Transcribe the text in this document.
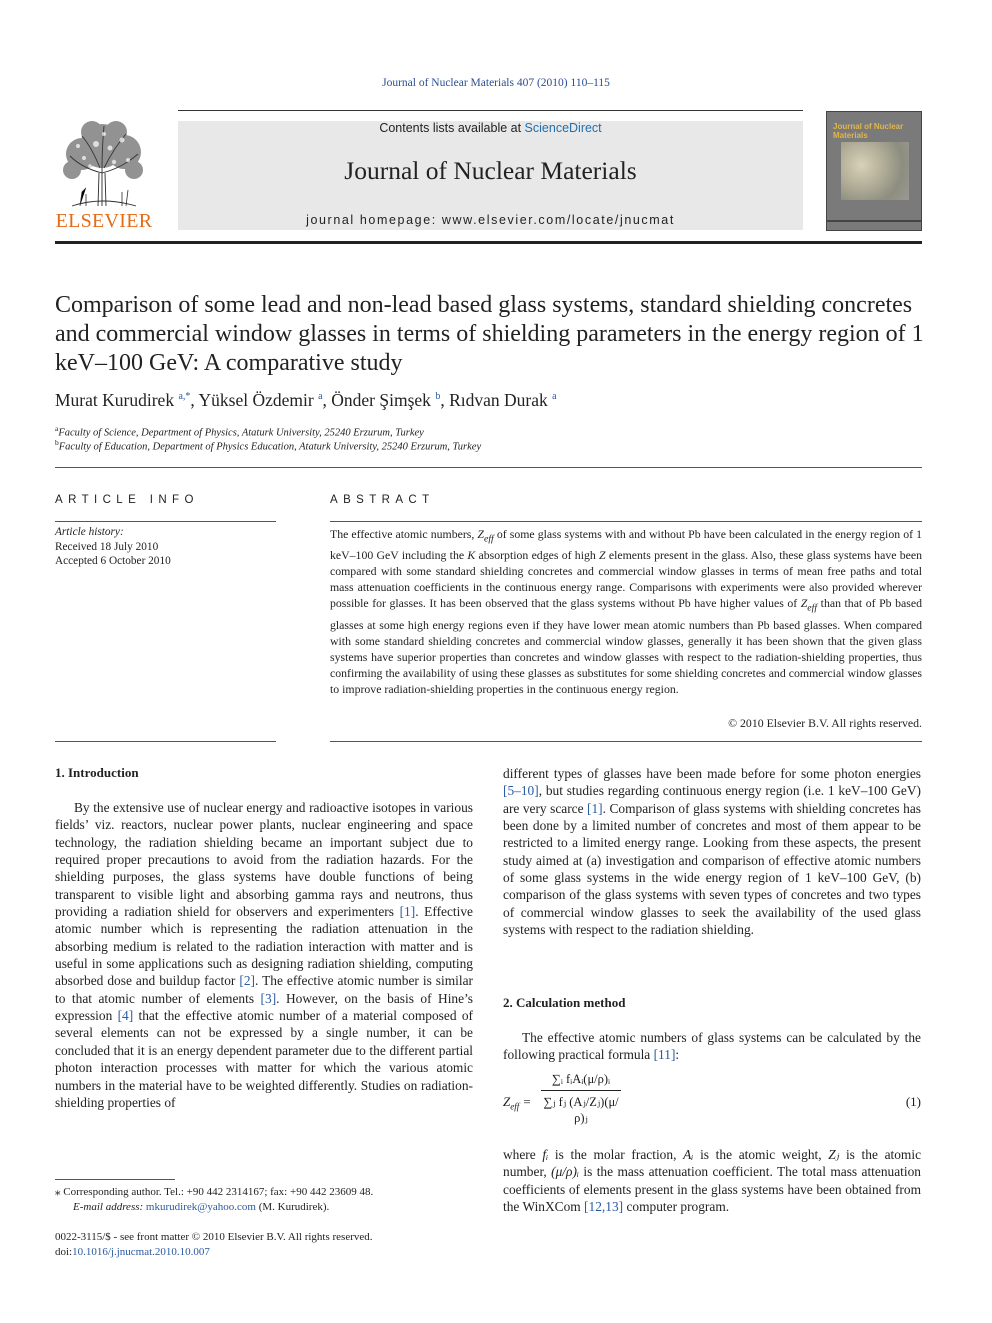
Journal of Nuclear Materials 407 (2010) 110–115
ELSEVIER
Contents lists available at ScienceDirect
Journal of Nuclear Materials
journal homepage: www.elsevier.com/locate/jnucmat
Journal of Nuclear Materials
Comparison of some lead and non-lead based glass systems, standard shielding concretes and commercial window glasses in terms of shielding parameters in the energy region of 1 keV–100 GeV: A comparative study
Murat Kurudirek $^{a,*}$, Yüksel Özdemir $^a$, Önder Şimşek $^b$, Rıdvan Durak $^a$
$^a$Faculty of Science, Department of Physics, Ataturk University, 25240 Erzurum, Turkey
$^b$Faculty of Education, Department of Physics Education, Ataturk University, 25240 Erzurum, Turkey
ARTICLE INFO	ABSTRACT
Article history:
Received 18 July 2010
Accepted 6 October 2010
The effective atomic numbers, $Z_{eff}$ of some glass systems with and without Pb have been calculated in the energy region of 1 keV–100 GeV including the K absorption edges of high Z elements present in the glass. Also, these glass systems have been compared with some standard shielding concretes and commercial window glasses in terms of mean free paths and total mass attenuation coefficients in the continuous energy range. Comparisons with experiments were also provided wherever possible for glasses. It has been observed that the glass systems without Pb have higher values of $Z_{eff}$ than that of Pb based glasses at some high energy regions even if they have lower mean atomic numbers than Pb based glasses. When compared with some standard shielding concretes and commercial window glasses, generally it has been shown that the given glass systems have superior properties than concretes and window glasses with respect to the radiation-shielding properties, thus confirming the availability of using these glasses as substitutes for some shielding concretes and commercial window glasses to improve radiation-shielding properties in the continuous energy region.
© 2010 Elsevier B.V. All rights reserved.
1. Introduction
By the extensive use of nuclear energy and radioactive isotopes in various fields’ viz. reactors, nuclear power plants, nuclear engineering and space technology, the radiation shielding became an important subject due to required proper precautions to avoid from the radiation hazards. For the shielding purposes, the glass systems have double functions of being transparent to visible light and absorbing gamma rays and neutrons, thus providing a radiation shield for observers and experimenters [1]. Effective atomic number which is representing the radiation attenuation in the absorbing medium is related to the radiation interaction with matter and is useful in some applications such as designing radiation shielding, computing absorbed dose and buildup factor [2]. The effective atomic number is similar to that atomic number of elements [3]. However, on the basis of Hine’s expression [4] that the effective atomic number of a material composed of several elements can not be expressed by a single number, it can be concluded that it is an energy dependent parameter due to the different partial photon interaction processes with matter for which the various atomic numbers in the material have to be weighted differently. Studies on radiation-shielding properties of
different types of glasses have been made before for some photon energies [5–10], but studies regarding continuous energy region (i.e. 1 keV–100 GeV) are very scarce [1]. Comparison of glass systems with shielding concretes has been done by a limited number of concretes and most of them appear to be restricted to a limited energy range. Looking from these aspects, the present study aimed at (a) investigation and comparison of effective atomic numbers of some glass systems in the wide energy region of 1 keV–100 GeV, (b) comparison of the glass systems with seven types of concretes and two types of commercial window glasses to seek the availability of the used glass systems with respect to the radiation shielding.
2. Calculation method
The effective atomic numbers of glass systems can be calculated by the following practical formula [11]:
$Z_{eff}$ =
∑ᵢ fᵢAᵢ(μ/ρ)ᵢ
∑ⱼ fⱼ (Aⱼ/Zⱼ)(μ/ρ)ⱼ
(1)
where fᵢ is the molar fraction, Aᵢ is the atomic weight, Zⱼ is the atomic number, (μ/ρ)ᵢ is the mass attenuation coefficient. The total mass attenuation coefficients of elements present in the glass systems have been obtained from the WinXCom [12,13] computer program.
⁎ Corresponding author. Tel.: +90 442 2314167; fax: +90 442 23609 48.
E-mail address: mkurudirek@yahoo.com (M. Kurudirek).
0022-3115/$ - see front matter © 2010 Elsevier B.V. All rights reserved.
doi:10.1016/j.jnucmat.2010.10.007
